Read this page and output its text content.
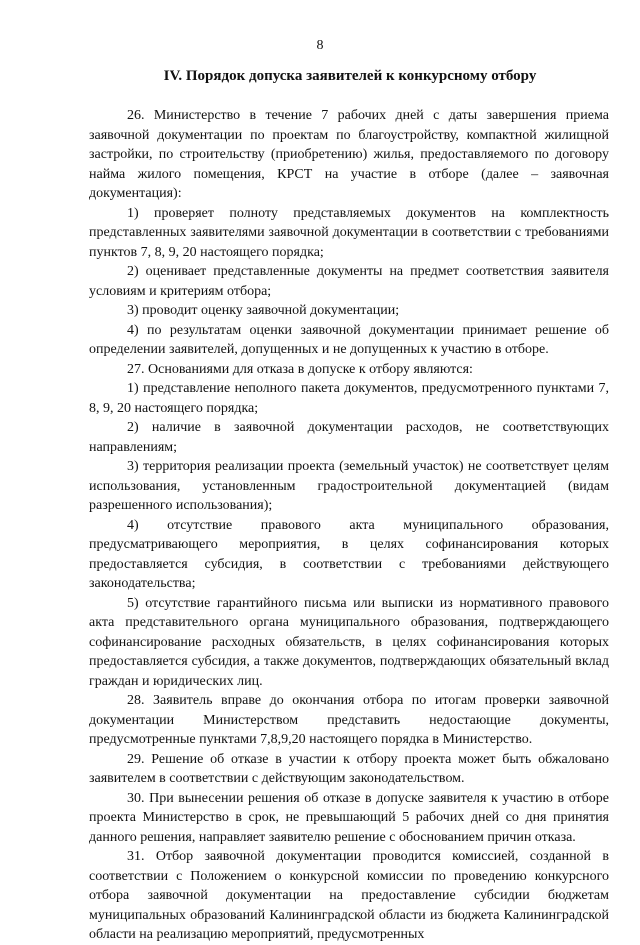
8
IV. Порядок допуска заявителей к конкурсному отбору

26. Министерство в течение 7 рабочих дней с даты завершения приема заявочной документации по проектам по благоустройству, компактной жилищной застройки, по строительству (приобретению) жилья, предоставляемого по договору найма жилого помещения, КРСТ на участие в отборе (далее – заявочная документация):

1) проверяет полноту представляемых документов на комплектность представленных заявителями заявочной документации в соответствии с требованиями пунктов 7, 8, 9, 20 настоящего порядка;

2) оценивает представленные документы на предмет соответствия заявителя условиям и критериям отбора;

3) проводит оценку заявочной документации;

4) по результатам оценки заявочной документации принимает решение об определении заявителей, допущенных и не допущенных к участию в отборе.

27. Основаниями для отказа в допуске к отбору являются:

1) представление неполного пакета документов, предусмотренного пунктами 7, 8, 9, 20 настоящего порядка;

2) наличие в заявочной документации расходов, не соответствующих направлениям;

3) территория реализации проекта (земельный участок) не соответствует целям использования, установленным градостроительной документацией (видам разрешенного использования);

4) отсутствие правового акта муниципального образования, предусматривающего мероприятия, в целях софинансирования которых предоставляется субсидия, в соответствии с требованиями действующего законодательства;

5) отсутствие гарантийного письма или выписки из нормативного правового акта представительного органа муниципального образования, подтверждающего софинансирование расходных обязательств, в целях софинансирования которых предоставляется субсидия, а также документов, подтверждающих обязательный вклад граждан и юридических лиц.

28. Заявитель вправе до окончания отбора по итогам проверки заявочной документации Министерством представить недостающие документы, предусмотренные пунктами 7,8,9,20 настоящего порядка в Министерство.

29. Решение об отказе в участии к отбору проекта может быть обжаловано заявителем в соответствии с действующим законодательством.

30. При вынесении решения об отказе в допуске заявителя к участию в отборе проекта Министерство в срок, не превышающий 5 рабочих дней со дня принятия данного решения, направляет заявителю решение с обоснованием причин отказа.

31. Отбор заявочной документации проводится комиссией, созданной в соответствии с Положением о конкурсной комиссии по проведению конкурсного отбора заявочной документации на предоставление субсидии бюджетам муниципальных образований Калининградской области из бюджета Калининградской области на реализацию мероприятий, предусмотренных
